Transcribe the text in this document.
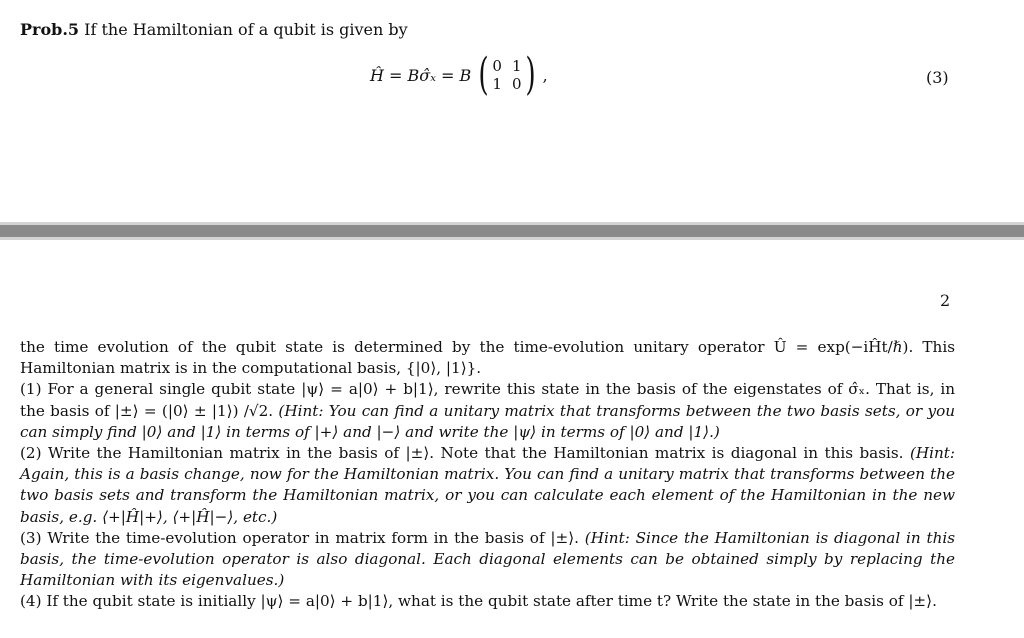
Prob.5 If the Hamiltonian of a qubit is given by
Ĥ = Bσ̂ₓ = B ( 0 1
1 0 ) ,	(3)
2

the time evolution of the qubit state is determined by the time-evolution unitary operator Û = exp(−iĤt/ℏ). This Hamiltonian matrix is in the computational basis, {|0⟩, |1⟩}.

(1) For a general single qubit state |ψ⟩ = a|0⟩ + b|1⟩, rewrite this state in the basis of the eigenstates of σ̂ₓ. That is, in the basis of |±⟩ = (|0⟩ ± |1⟩) /√2. (Hint: You can find a unitary matrix that transforms between the two basis sets, or you can simply find |0⟩ and |1⟩ in terms of |+⟩ and |−⟩ and write the |ψ⟩ in terms of |0⟩ and |1⟩.)

(2) Write the Hamiltonian matrix in the basis of |±⟩. Note that the Hamiltonian matrix is diagonal in this basis. (Hint: Again, this is a basis change, now for the Hamiltonian matrix. You can find a unitary matrix that transforms between the two basis sets and transform the Hamiltonian matrix, or you can calculate each element of the Hamiltonian in the new basis, e.g. ⟨+|Ĥ|+⟩, ⟨+|Ĥ|−⟩, etc.)

(3) Write the time-evolution operator in matrix form in the basis of |±⟩. (Hint: Since the Hamiltonian is diagonal in this basis, the time-evolution operator is also diagonal. Each diagonal elements can be obtained simply by replacing the Hamiltonian with its eigenvalues.)

(4) If the qubit state is initially |ψ⟩ = a|0⟩ + b|1⟩, what is the qubit state after time t? Write the state in the basis of |±⟩.
